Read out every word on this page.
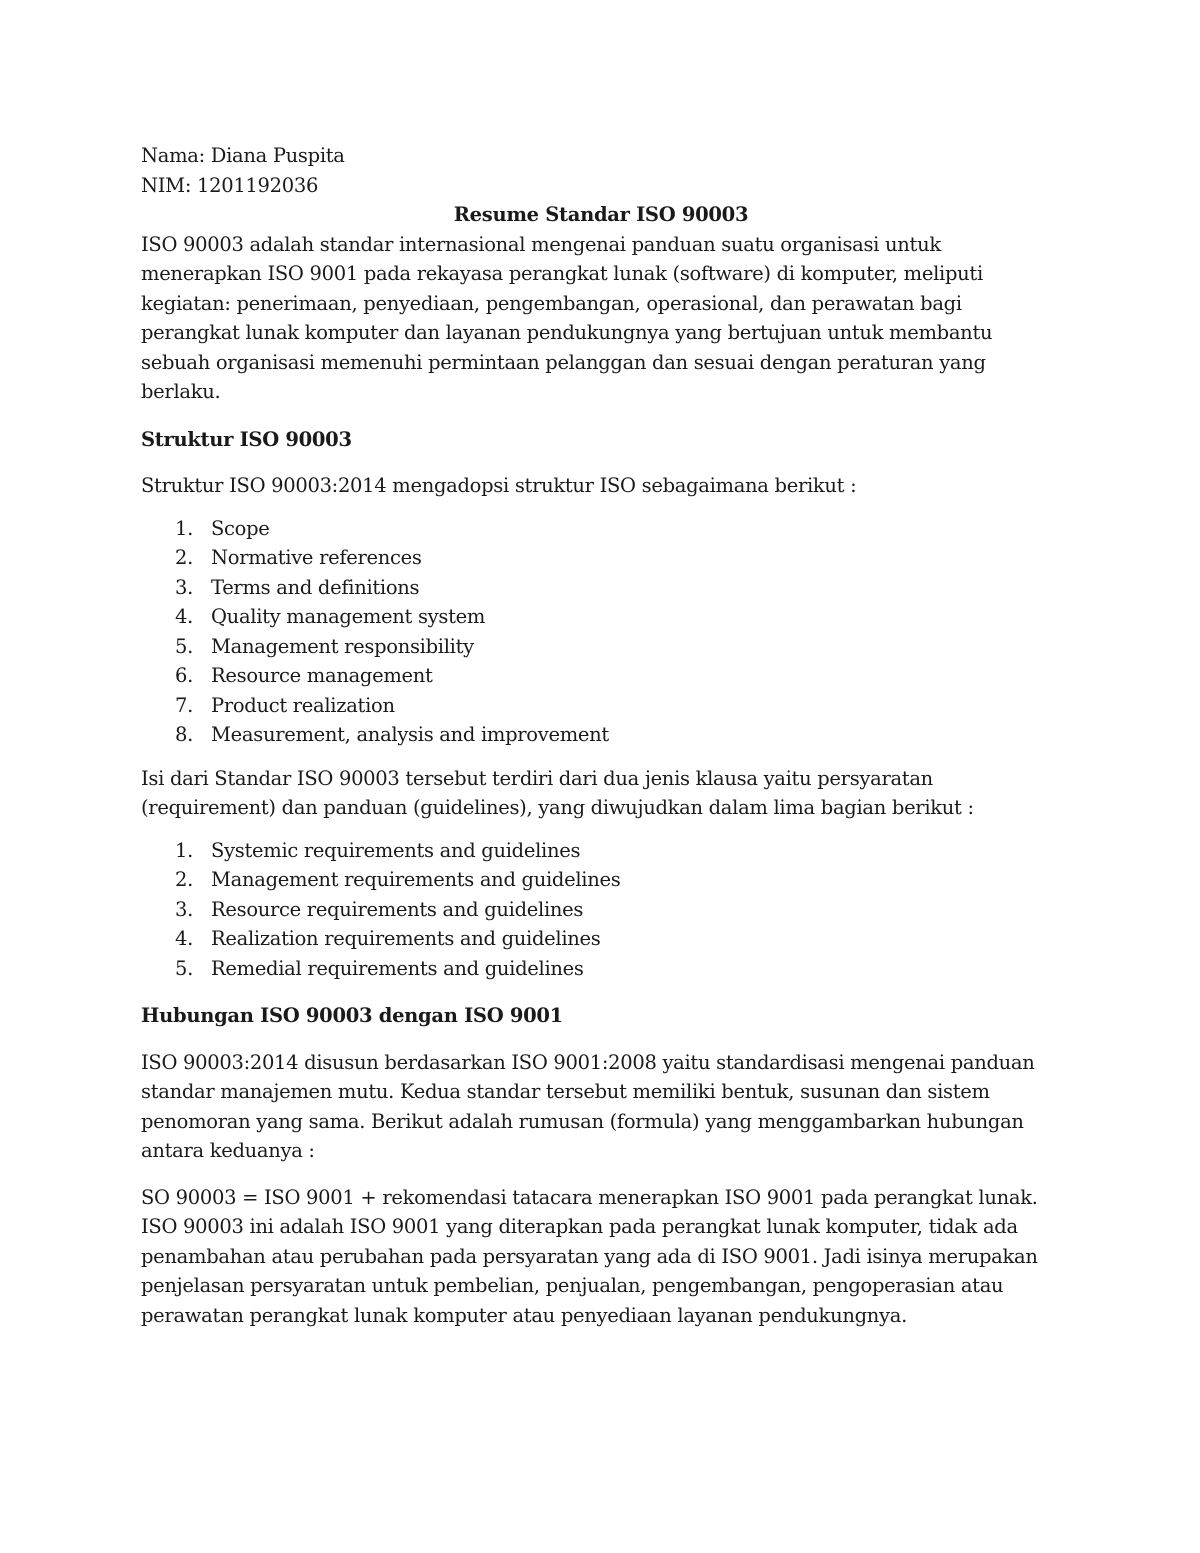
Nama: Diana Puspita

NIM: 1201192036

Resume Standar ISO 90003

ISO 90003 adalah standar internasional mengenai panduan suatu organisasi untuk menerapkan ISO 9001 pada rekayasa perangkat lunak (software) di komputer, meliputi kegiatan: penerimaan, penyediaan, pengembangan, operasional, dan perawatan bagi perangkat lunak komputer dan layanan pendukungnya yang bertujuan untuk membantu sebuah organisasi memenuhi permintaan pelanggan dan sesuai dengan peraturan yang berlaku.

Struktur ISO 90003

Struktur ISO 90003:2014 mengadopsi struktur ISO sebagaimana berikut :

1. Scope
2. Normative references
3. Terms and definitions
4. Quality management system
5. Management responsibility
6. Resource management
7. Product realization
8. Measurement, analysis and improvement

Isi dari Standar ISO 90003 tersebut terdiri dari dua jenis klausa yaitu persyaratan (requirement) dan panduan (guidelines), yang diwujudkan dalam lima bagian berikut :

1. Systemic requirements and guidelines
2. Management requirements and guidelines
3. Resource requirements and guidelines
4. Realization requirements and guidelines
5. Remedial requirements and guidelines
Hubungan ISO 90003 dengan ISO 9001

ISO 90003:2014 disusun berdasarkan ISO 9001:2008 yaitu standardisasi mengenai panduan standar manajemen mutu. Kedua standar tersebut memiliki bentuk, susunan dan sistem penomoran yang sama. Berikut adalah rumusan (formula) yang menggambarkan hubungan antara keduanya :

SO 90003 = ISO 9001 + rekomendasi tatacara menerapkan ISO 9001 pada perangkat lunak. ISO 90003 ini adalah ISO 9001 yang diterapkan pada perangkat lunak komputer, tidak ada penambahan atau perubahan pada persyaratan yang ada di ISO 9001. Jadi isinya merupakan penjelasan persyaratan untuk pembelian, penjualan, pengembangan, pengoperasian atau perawatan perangkat lunak komputer atau penyediaan layanan pendukungnya.
